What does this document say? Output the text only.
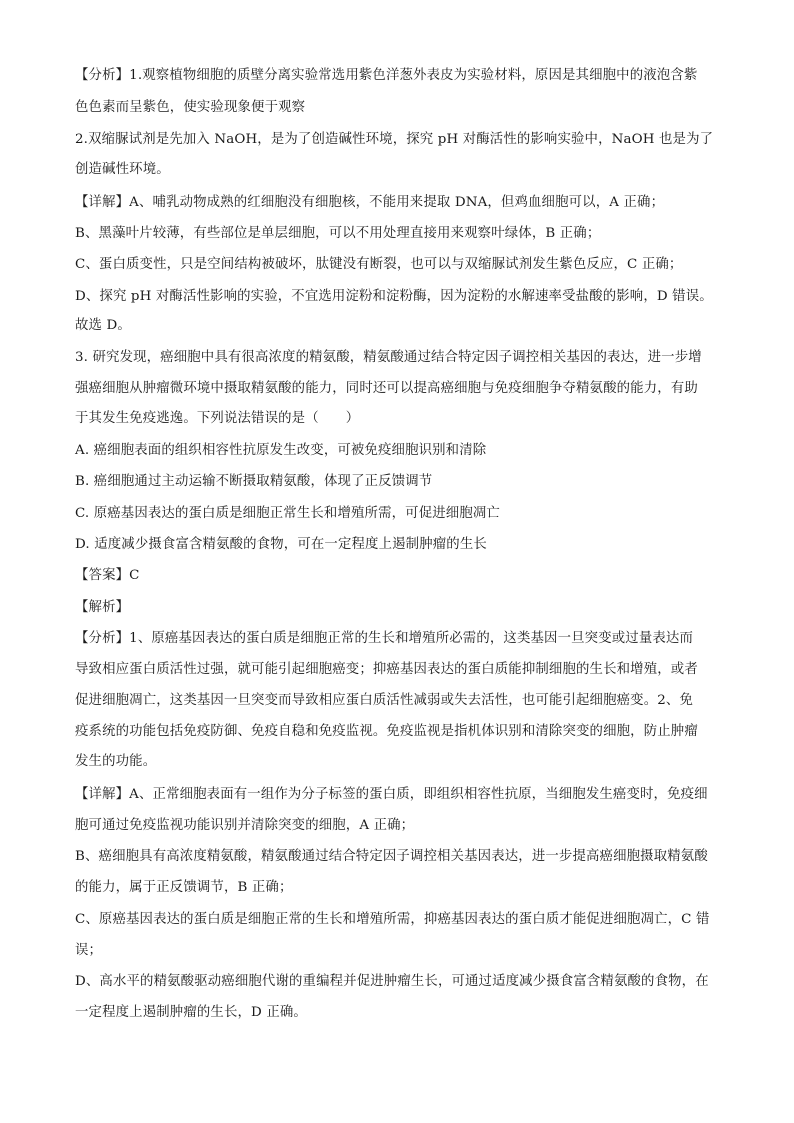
【分析】1.观察植物细胞的质壁分离实验常选用紫色洋葱外表皮为实验材料，原因是其细胞中的液泡含紫
色色素而呈紫色，使实验现象便于观察
2.双缩脲试剂是先加入 NaOH，是为了创造碱性环境，探究 pH 对酶活性的影响实验中，NaOH 也是为了
创造碱性环境。
【详解】A、哺乳动物成熟的红细胞没有细胞核，不能用来提取 DNA，但鸡血细胞可以，A 正确；
B、黑藻叶片较薄，有些部位是单层细胞，可以不用处理直接用来观察叶绿体，B 正确；
C、蛋白质变性，只是空间结构被破坏，肽键没有断裂，也可以与双缩脲试剂发生紫色反应，C 正确；
D、探究 pH 对酶活性影响的实验，不宜选用淀粉和淀粉酶，因为淀粉的水解速率受盐酸的影响，D 错误。
故选 D。
3. 研究发现，癌细胞中具有很高浓度的精氨酸，精氨酸通过结合特定因子调控相关基因的表达，进一步增
强癌细胞从肿瘤微环境中摄取精氨酸的能力，同时还可以提高癌细胞与免疫细胞争夺精氨酸的能力，有助
于其发生免疫逃逸。下列说法错误的是（　　）
A. 癌细胞表面的组织相容性抗原发生改变，可被免疫细胞识别和清除
B. 癌细胞通过主动运输不断摄取精氨酸，体现了正反馈调节
C. 原癌基因表达的蛋白质是细胞正常生长和增殖所需，可促进细胞凋亡
D. 适度减少摄食富含精氨酸的食物，可在一定程度上遏制肿瘤的生长
【答案】C
【解析】
【分析】1、原癌基因表达的蛋白质是细胞正常的生长和增殖所必需的，这类基因一旦突变或过量表达而
导致相应蛋白质活性过强，就可能引起细胞癌变；抑癌基因表达的蛋白质能抑制细胞的生长和增殖，或者
促进细胞凋亡，这类基因一旦突变而导致相应蛋白质活性减弱或失去活性，也可能引起细胞癌变。2、免
疫系统的功能包括免疫防御、免疫自稳和免疫监视。免疫监视是指机体识别和清除突变的细胞，防止肿瘤
发生的功能。
【详解】A、正常细胞表面有一组作为分子标签的蛋白质，即组织相容性抗原，当细胞发生癌变时，免疫细
胞可通过免疫监视功能识别并清除突变的细胞，A 正确；
B、癌细胞具有高浓度精氨酸，精氨酸通过结合特定因子调控相关基因表达，进一步提高癌细胞摄取精氨酸
的能力，属于正反馈调节，B 正确；
C、原癌基因表达的蛋白质是细胞正常的生长和增殖所需，抑癌基因表达的蛋白质才能促进细胞凋亡，C 错
误；
D、高水平的精氨酸驱动癌细胞代谢的重编程并促进肿瘤生长，可通过适度减少摄食富含精氨酸的食物，在
一定程度上遏制肿瘤的生长，D 正确。
